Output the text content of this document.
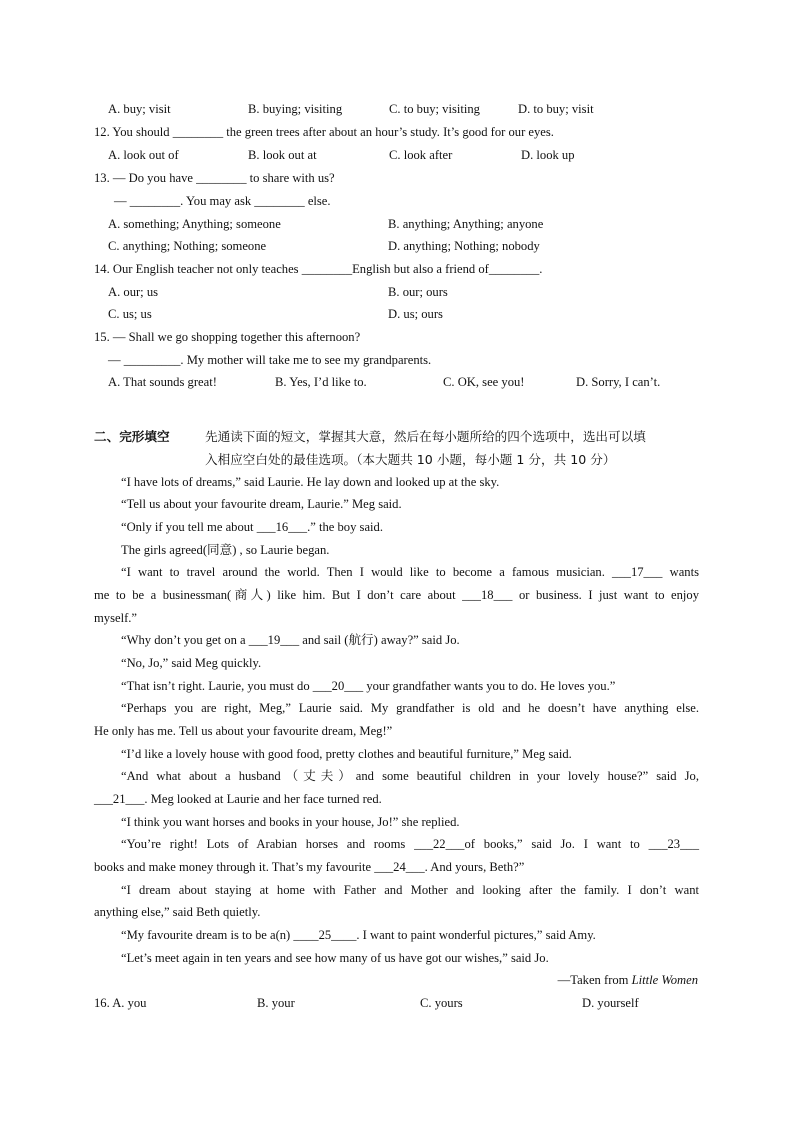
A. buy; visit	B. buying; visiting	C. to buy; visiting	D. to buy; visit
12. You should ________ the green trees after about an hour’s study. It’s good for our eyes.
A. look out of	B. look out at	C. look after	D. look up
13. — Do you have ________ to share with us?
— ________. You may ask ________ else.
A. something; Anything; someone	B. anything; Anything; anyone
C. anything; Nothing; someone	D. anything; Nothing; nobody
14. Our English teacher not only teaches ________English but also a friend of________.
A. our; us	B. our; ours
C. us; us	D. us; ours
15. — Shall we go shopping together this afternoon?
— _________. My mother will take me to see my grandparents.
A. That sounds great!	B. Yes, I’d like to.	C. OK, see you!	D. Sorry, I can’t.
二、完形填空	先通读下面的短文，掌握其大意，然后在每小题所给的四个选项中，选出可以填
入相应空白处的最佳选项。（本大题共 10 小题，每小题 1 分，共 10 分）
“I have lots of dreams,” said Laurie. He lay down and looked up at the sky.
“Tell us about your favourite dream, Laurie.” Meg said.
“Only if you tell me about ___16___.” the boy said.
The girls agreed(同意) , so Laurie began.
“I want to travel around the world. Then I would like to become a famous musician. ___17___ wants
me to be a businessman(商人) like him. But I don’t care about ___18___ or business. I just want to enjoy
myself.”
“Why don’t you get on a ___19___ and sail (航行) away?” said Jo.
“No, Jo,” said Meg quickly.
“That isn’t right. Laurie, you must do ___20___ your grandfather wants you to do. He loves you.”
“Perhaps you are right, Meg,” Laurie said. My grandfather is old and he doesn’t have anything else.
He only has me. Tell us about your favourite dream, Meg!”
“I’d like a lovely house with good food, pretty clothes and beautiful furniture,” Meg said.
“And what about a husband（丈夫）and some beautiful children in your lovely house?” said Jo,
___21___. Meg looked at Laurie and her face turned red.
“I think you want horses and books in your house, Jo!” she replied.
“You’re right! Lots of Arabian horses and rooms ___22___of books,” said Jo. I want to ___23___
books and make money through it. That’s my favourite ___24___. And yours, Beth?”
“I dream about staying at home with Father and Mother and looking after the family. I don’t want
anything else,” said Beth quietly.
“My favourite dream is to be a(n) ____25____. I want to paint wonderful pictures,” said Amy.
“Let’s meet again in ten years and see how many of us have got our wishes,” said Jo.
—Taken from Little Women
16. A. you	B. your	C. yours	D. yourself
